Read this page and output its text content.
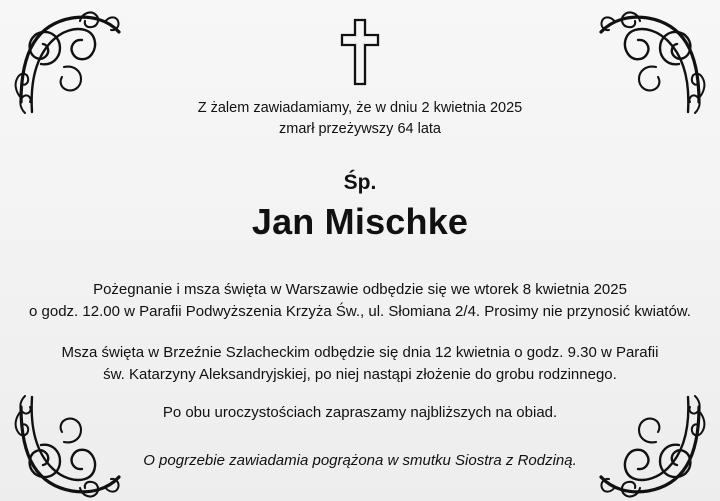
Z żalem zawiadamiamy, że w dniu 2 kwietnia 2025
zmarł przeżywszy 64 lata
Śp.
Jan Mischke
Pożegnanie i msza święta w Warszawie odbędzie się we wtorek 8 kwietnia 2025
o godz. 12.00 w Parafii Podwyższenia Krzyża Św., ul. Słomiana 2/4. Prosimy nie przynosić kwiatów.
Msza święta w Brzeźnie Szlacheckim odbędzie się dnia 12 kwietnia o godz. 9.30 w Parafii
św. Katarzyny Aleksandryjskiej, po niej nastąpi złożenie do grobu rodzinnego.
Po obu uroczystościach zapraszamy najbliższych na obiad.
O pogrzebie zawiadamia pogrążona w smutku Siostra z Rodziną.
